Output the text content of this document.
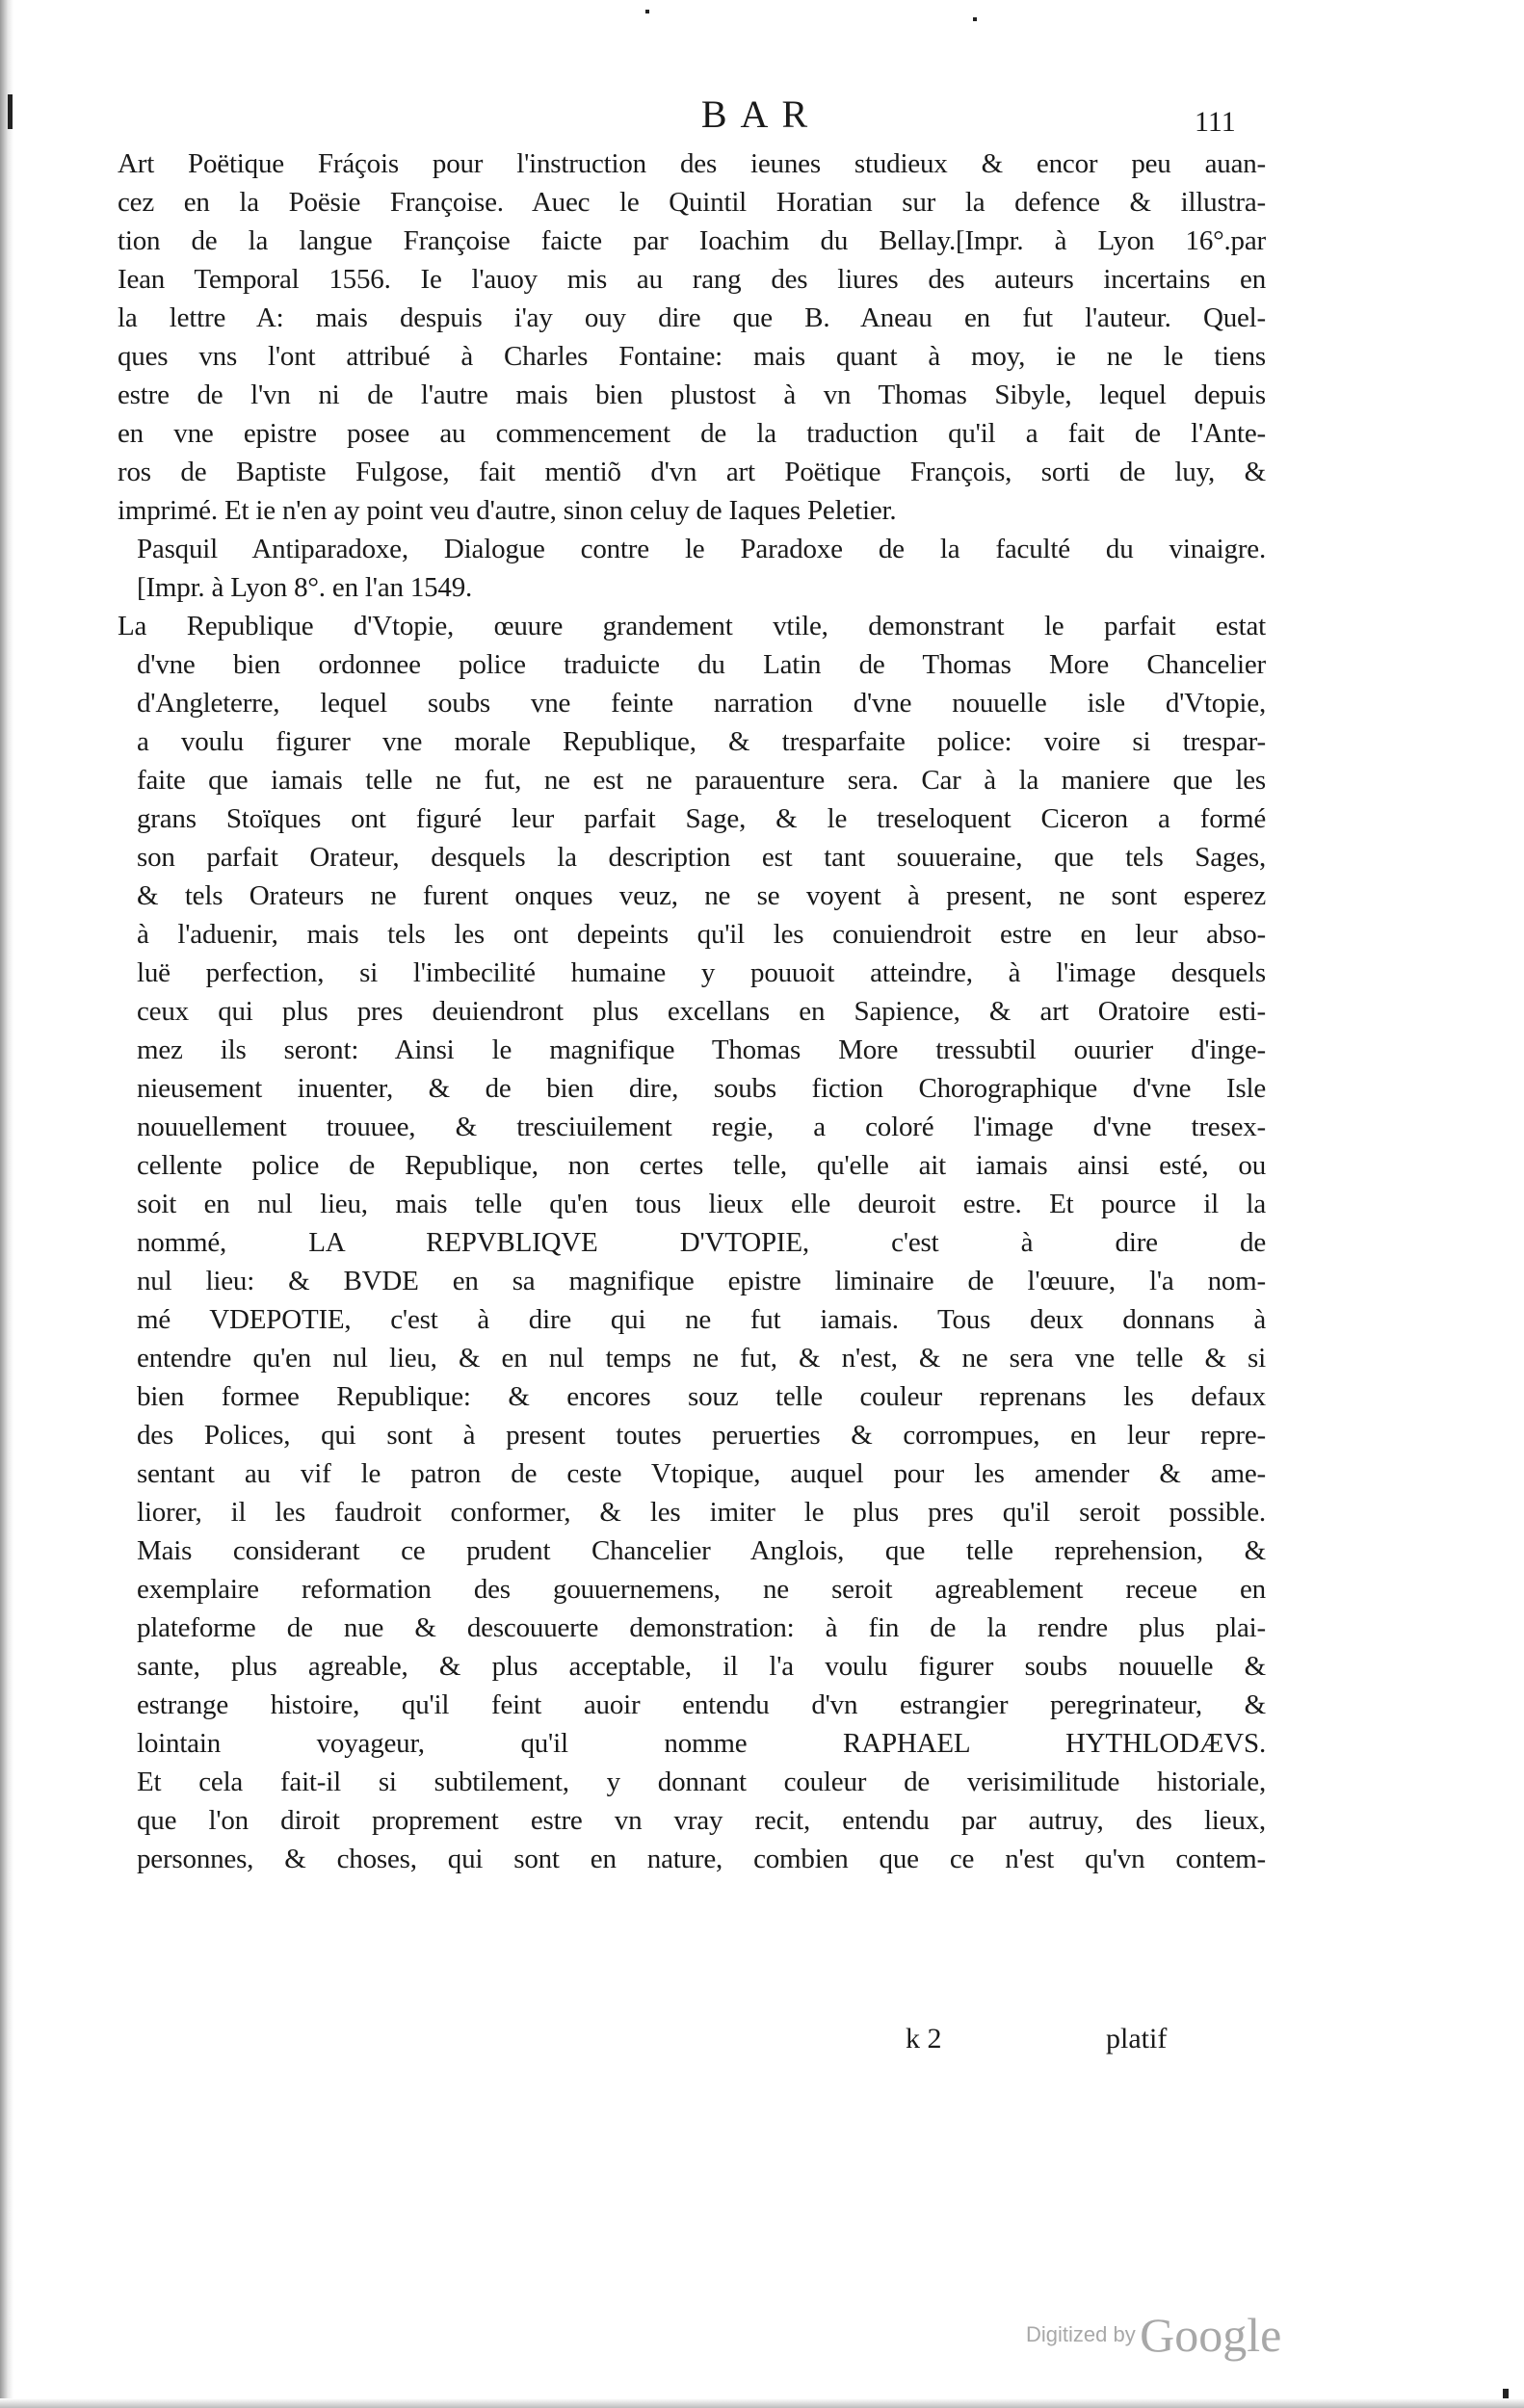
BAR	111
Art Poëtique Fráçois pour l'instruction des ieunes studieux & encor peu auan-
cez en la Poësie Françoise. Auec le Quintil Horatian sur la defence & illustra-
tion de la langue Françoise faicte par Ioachim du Bellay.[Impr. à Lyon 16°.par
Iean Temporal 1556. Ie l'auoy mis au rang des liures des auteurs incertains en
la lettre A: mais despuis i'ay ouy dire que B. Aneau en fut l'auteur. Quel-
ques vns l'ont attribué à Charles Fontaine: mais quant à moy, ie ne le tiens
estre de l'vn ni de l'autre mais bien plustost à vn Thomas Sibyle, lequel depuis
en vne epistre posee au commencement de la traduction qu'il a fait de l'Ante-
ros de Baptiste Fulgose, fait mentiõ d'vn art Poëtique François, sorti de luy, &
imprimé. Et ie n'en ay point veu d'autre, sinon celuy de Iaques Peletier.
Pasquil Antiparadoxe, Dialogue contre le Paradoxe de la faculté du vinaigre.
[Impr. à Lyon 8°. en l'an 1549.
La Republique d'Vtopie, œuure grandement vtile, demonstrant le parfait estat
d'vne bien ordonnee police traduicte du Latin de Thomas More Chancelier
d'Angleterre, lequel soubs vne feinte narration d'vne nouuelle isle d'Vtopie,
a voulu figurer vne morale Republique, & tresparfaite police: voire si trespar-
faite que iamais telle ne fut, ne est ne parauenture sera. Car à la maniere que les
grans Stoïques ont figuré leur parfait Sage, & le treseloquent Ciceron a formé
son parfait Orateur, desquels la description est tant souueraine, que tels Sages,
& tels Orateurs ne furent onques veuz, ne se voyent à present, ne sont esperez
à l'aduenir, mais tels les ont depeints qu'il les conuiendroit estre en leur abso-
luë perfection, si l'imbecilité humaine y pouuoit atteindre, à l'image desquels
ceux qui plus pres deuiendront plus excellans en Sapience, & art Oratoire esti-
mez ils seront: Ainsi le magnifique Thomas More tressubtil ouurier d'inge-
nieusement inuenter, & de bien dire, soubs fiction Chorographique d'vne Isle
nouuellement trouuee, & tresciuilement regie, a coloré l'image d'vne tresex-
cellente police de Republique, non certes telle, qu'elle ait iamais ainsi esté, ou
soit en nul lieu, mais telle qu'en tous lieux elle deuroit estre. Et pource il la
nommé, LA REPVBLIQVE D'VTOPIE, c'est à dire de
nul lieu: & BVDE en sa magnifique epistre liminaire de l'œuure, l'a nom-
mé VDEPOTIE, c'est à dire qui ne fut iamais. Tous deux donnans à
entendre qu'en nul lieu, & en nul temps ne fut, & n'est, & ne sera vne telle & si
bien formee Republique: & encores souz telle couleur reprenans les defaux
des Polices, qui sont à present toutes peruerties & corrompues, en leur repre-
sentant au vif le patron de ceste Vtopique, auquel pour les amender & ame-
liorer, il les faudroit conformer, & les imiter le plus pres qu'il seroit possible.
Mais considerant ce prudent Chancelier Anglois, que telle reprehension, &
exemplaire reformation des gouuernemens, ne seroit agreablement receue en
plateforme de nue & descouuerte demonstration: à fin de la rendre plus plai-
sante, plus agreable, & plus acceptable, il l'a voulu figurer soubs nouuelle &
estrange histoire, qu'il feint auoir entendu d'vn estrangier peregrinateur, &
lointain voyageur, qu'il nomme RAPHAEL HYTHLODÆVS.
Et cela fait-il si subtilement, y donnant couleur de verisimilitude historiale,
que l'on diroit proprement estre vn vray recit, entendu par autruy, des lieux,
personnes, & choses, qui sont en nature, combien que ce n'est qu'vn contem-
k 2	platif
Digitized by Google
